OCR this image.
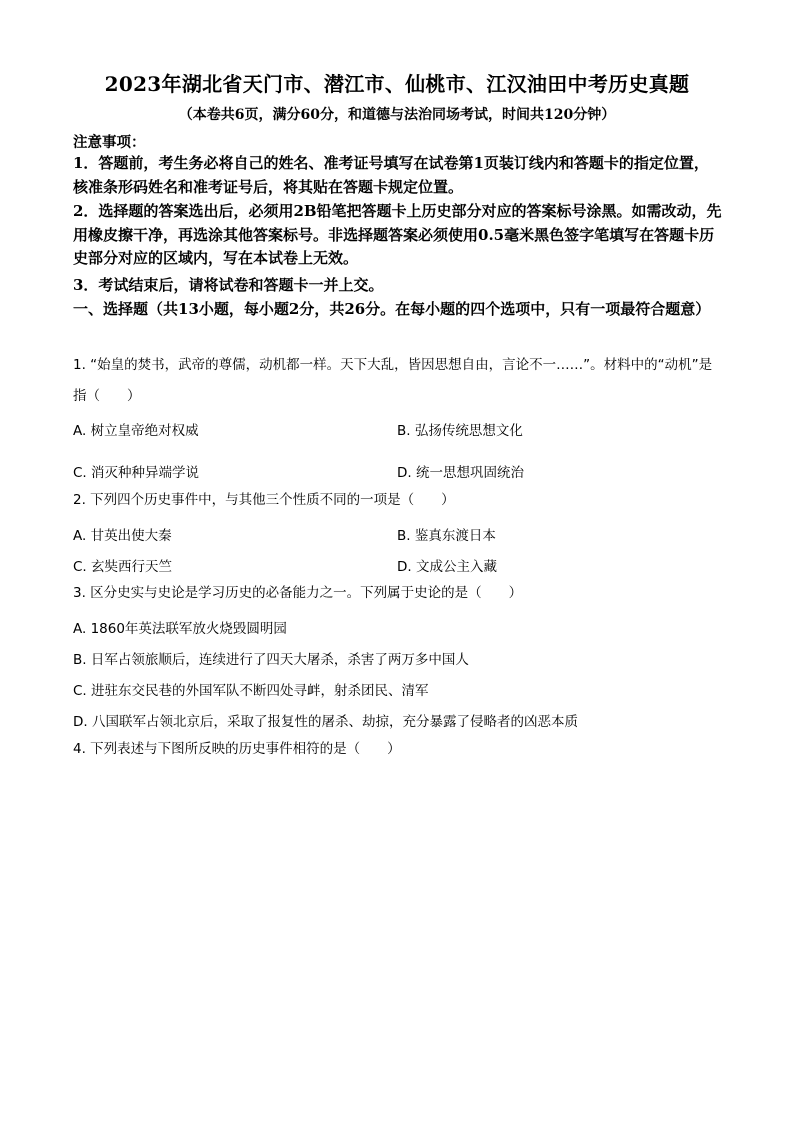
2023年湖北省天门市、潜江市、仙桃市、江汉油田中考历史真题
（本卷共6页，满分60分，和道德与法治同场考试，时间共120分钟）
注意事项：
1．答题前，考生务必将自己的姓名、准考证号填写在试卷第1页装订线内和答题卡的指定位置，核准条形码姓名和准考证号后，将其贴在答题卡规定位置。
2．选择题的答案选出后，必须用2B铅笔把答题卡上历史部分对应的答案标号涂黑。如需改动，先用橡皮擦干净，再选涂其他答案标号。非选择题答案必须使用0.5毫米黑色签字笔填写在答题卡历史部分对应的区域内，写在本试卷上无效。
3．考试结束后，请将试卷和答题卡一并上交。
一、选择题（共13小题，每小题2分，共26分。在每小题的四个选项中，只有一项最符合题意）
1. “始皇的焚书，武帝的尊儒，动机都一样。天下大乱，皆因思想自由，言论不一……”。材料中的“动机”是指（　　）
A. 树立皇帝绝对权威	B. 弘扬传统思想文化
C. 消灭种种异端学说	D. 统一思想巩固统治
2. 下列四个历史事件中，与其他三个性质不同的一项是（　　）
A. 甘英出使大秦	B. 鉴真东渡日本
C. 玄奘西行天竺	D. 文成公主入藏
3. 区分史实与史论是学习历史的必备能力之一。下列属于史论的是（　　）
A. 1860年英法联军放火烧毁圆明园
B. 日军占领旅顺后，连续进行了四天大屠杀，杀害了两万多中国人
C. 进驻东交民巷的外国军队不断四处寻衅，射杀团民、清军
D. 八国联军占领北京后，采取了报复性的屠杀、劫掠，充分暴露了侵略者的凶恶本质
4. 下列表述与下图所反映的历史事件相符的是（　　）
